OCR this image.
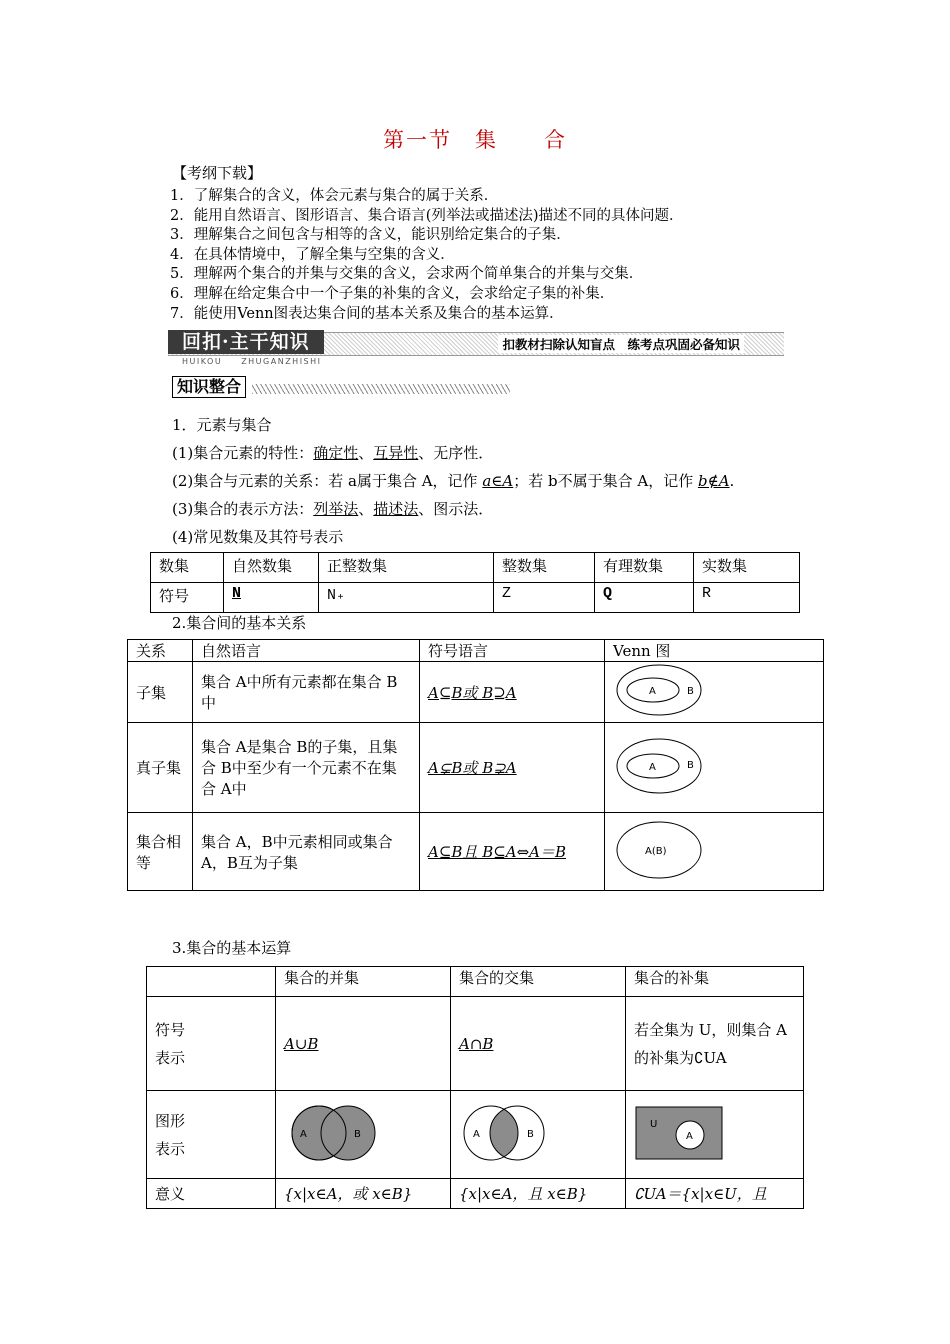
第一节　集　　合
【考纲下载】
1．了解集合的含义，体会元素与集合的属于关系．
2．能用自然语言、图形语言、集合语言(列举法或描述法)描述不同的具体问题．
3．理解集合之间包含与相等的含义，能识别给定集合的子集．
4．在具体情境中，了解全集与空集的含义．
5．理解两个集合的并集与交集的含义，会求两个简单集合的并集与交集．
6．理解在给定集合中一个子集的补集的含义，会求给定子集的补集．
7．能使用Venn图表达集合间的基本关系及集合的基本运算．
回扣·主干知识
HUIKOU　　ZHUGANZHISHI
扣教材扫除认知盲点　练考点巩固必备知识
知识整合
1．元素与集合
(1)集合元素的特性：确定性、互异性、无序性．
(2)集合与元素的关系：若 a属于集合 A，记作 a∈A；若 b不属于集合 A，记作 b∉A.
(3)集合的表示方法：列举法、描述法、图示法．
(4)常见数集及其符号表示
数集	自然数集	正整数集	整数集	有理数集	实数集
符号	N	N₊	Z	Q	R
2.集合间的基本关系
关系	自然语言	符号语言	Venn 图
子集	集合 A中所有元素都在集合 B中	A⊆B或 B⊇A	A B

真子集	集合 A是集合 B的子集，且集合 B中至少有一个元素不在集合 A中	A⊊B或 B⊋A	A B

集合相等	集合 A，B中元素相同或集合 A，B互为子集	A⊆B且 B⊆A⇔A＝B	A(B)
3.集合的基本运算
	集合的并集	集合的交集	集合的补集

符号表示	A∪B	A∩B	若全集为 U，则集合 A的补集为∁UA

图形表示	A B	A B	U
A

意义	{x|x∈A，或 x∈B}	{x|x∈A，且 x∈B}	∁UA＝{x|x∈U，且
